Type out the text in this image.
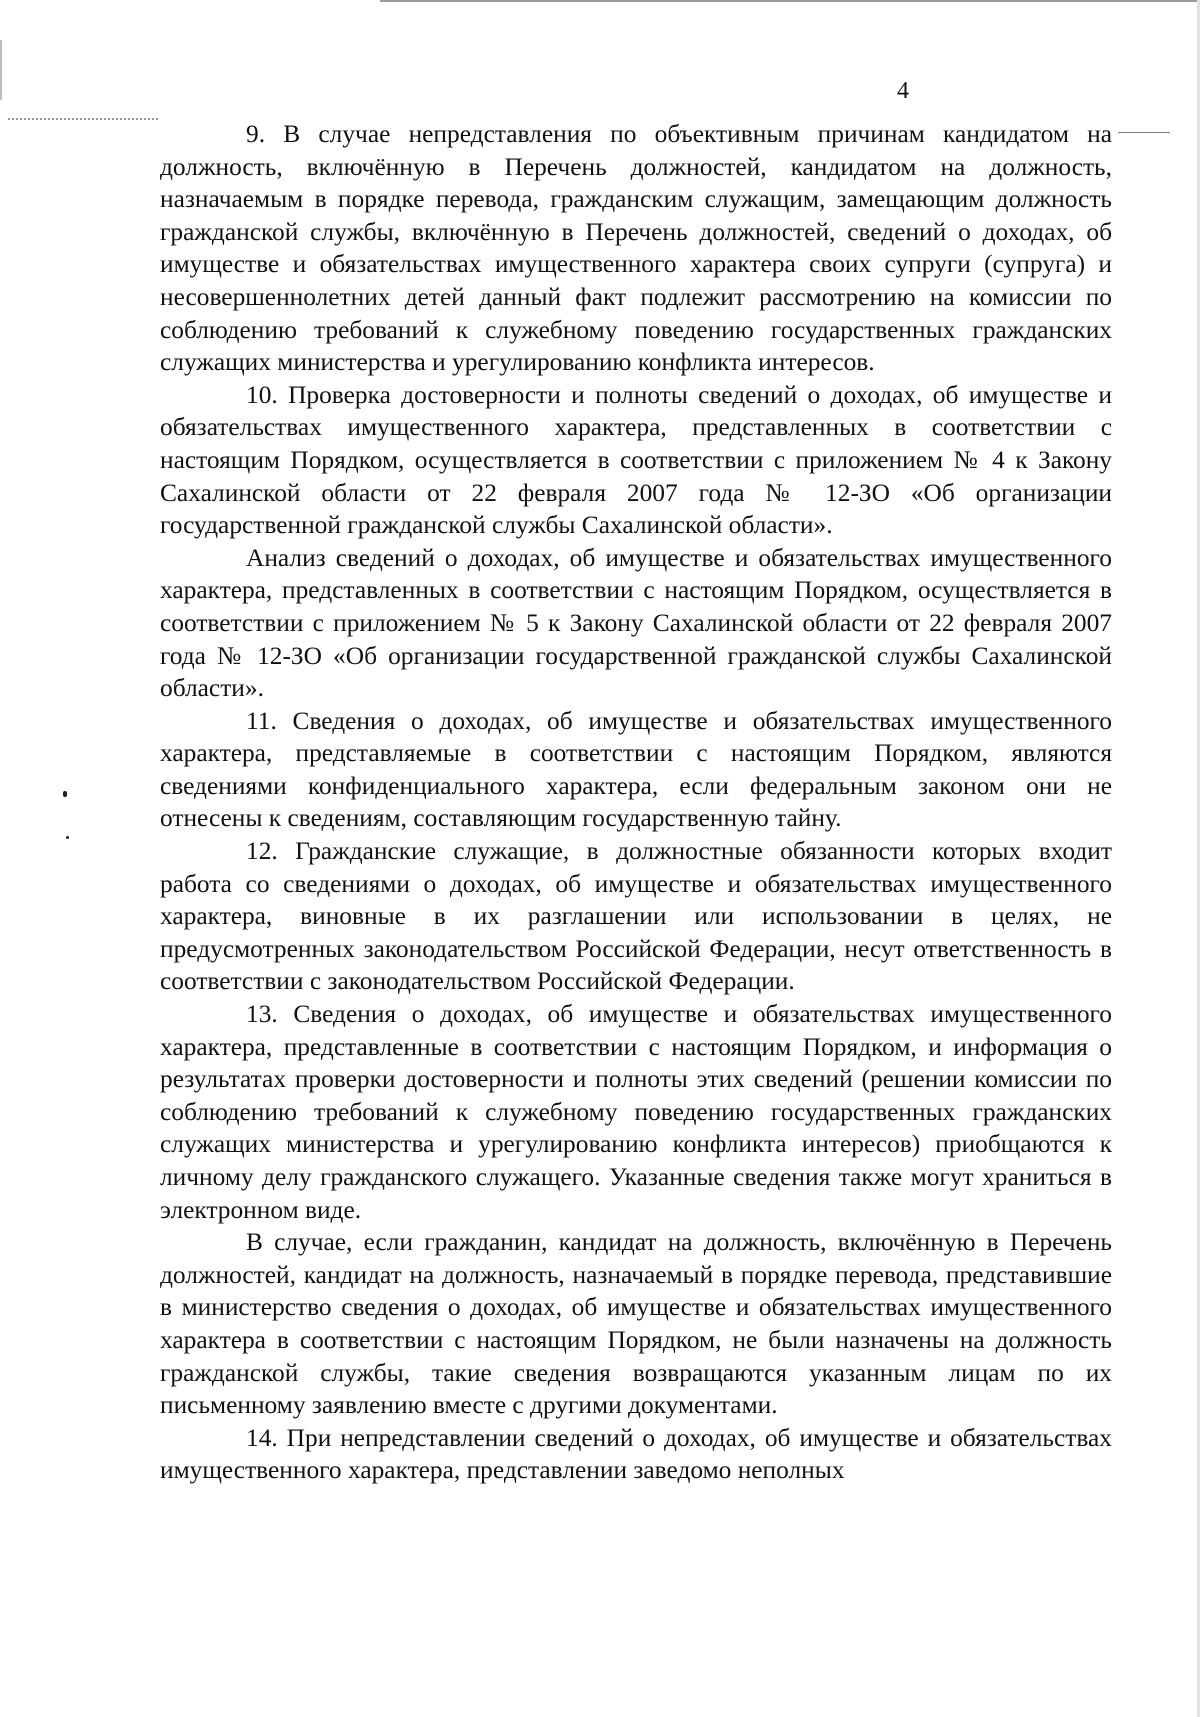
4

9. В случае непредставления по объективным причинам кандидатом на должность, включённую в Перечень должностей, кандидатом на должность, назначаемым в порядке перевода, гражданским служащим, замещающим должность гражданской службы, включённую в Перечень должностей, сведений о доходах, об имуществе и обязательствах имущественного характера своих супруги (супруга) и несовершеннолетних детей данный факт подлежит рассмотрению на комиссии по соблюдению требований к служебному поведению государственных гражданских служащих министерства и урегулированию конфликта интересов.

10. Проверка достоверности и полноты сведений о доходах, об имуществе и обязательствах имущественного характера, представленных в соответствии с настоящим Порядком, осуществляется в соответствии с приложением № 4 к Закону Сахалинской области от 22 февраля 2007 года № 12-ЗО «Об организации государственной гражданской службы Сахалинской области».

Анализ сведений о доходах, об имуществе и обязательствах имущественного характера, представленных в соответствии с настоящим Порядком, осуществляется в соответствии с приложением № 5 к Закону Сахалинской области от 22 февраля 2007 года № 12-ЗО «Об организации государственной гражданской службы Сахалинской области».

11. Сведения о доходах, об имуществе и обязательствах имущественного характера, представляемые в соответствии с настоящим Порядком, являются сведениями конфиденциального характера, если федеральным законом они не отнесены к сведениям, составляющим государственную тайну.

12. Гражданские служащие, в должностные обязанности которых входит работа со сведениями о доходах, об имуществе и обязательствах имущественного характера, виновные в их разглашении или использовании в целях, не предусмотренных законодательством Российской Федерации, несут ответственность в соответствии с законодательством Российской Федерации.

13. Сведения о доходах, об имуществе и обязательствах имущественного характера, представленные в соответствии с настоящим Порядком, и информация о результатах проверки достоверности и полноты этих сведений (решении комиссии по соблюдению требований к служебному поведению государственных гражданских служащих министерства и урегулированию конфликта интересов) приобщаются к личному делу гражданского служащего. Указанные сведения также могут храниться в электронном виде.

В случае, если гражданин, кандидат на должность, включённую в Перечень должностей, кандидат на должность, назначаемый в порядке перевода, представившие в министерство сведения о доходах, об имуществе и обязательствах имущественного характера в соответствии с настоящим Порядком, не были назначены на должность гражданской службы, такие сведения возвращаются указанным лицам по их письменному заявлению вместе с другими документами.

14. При непредставлении сведений о доходах, об имуществе и обязательствах имущественного характера, представлении заведомо неполных
